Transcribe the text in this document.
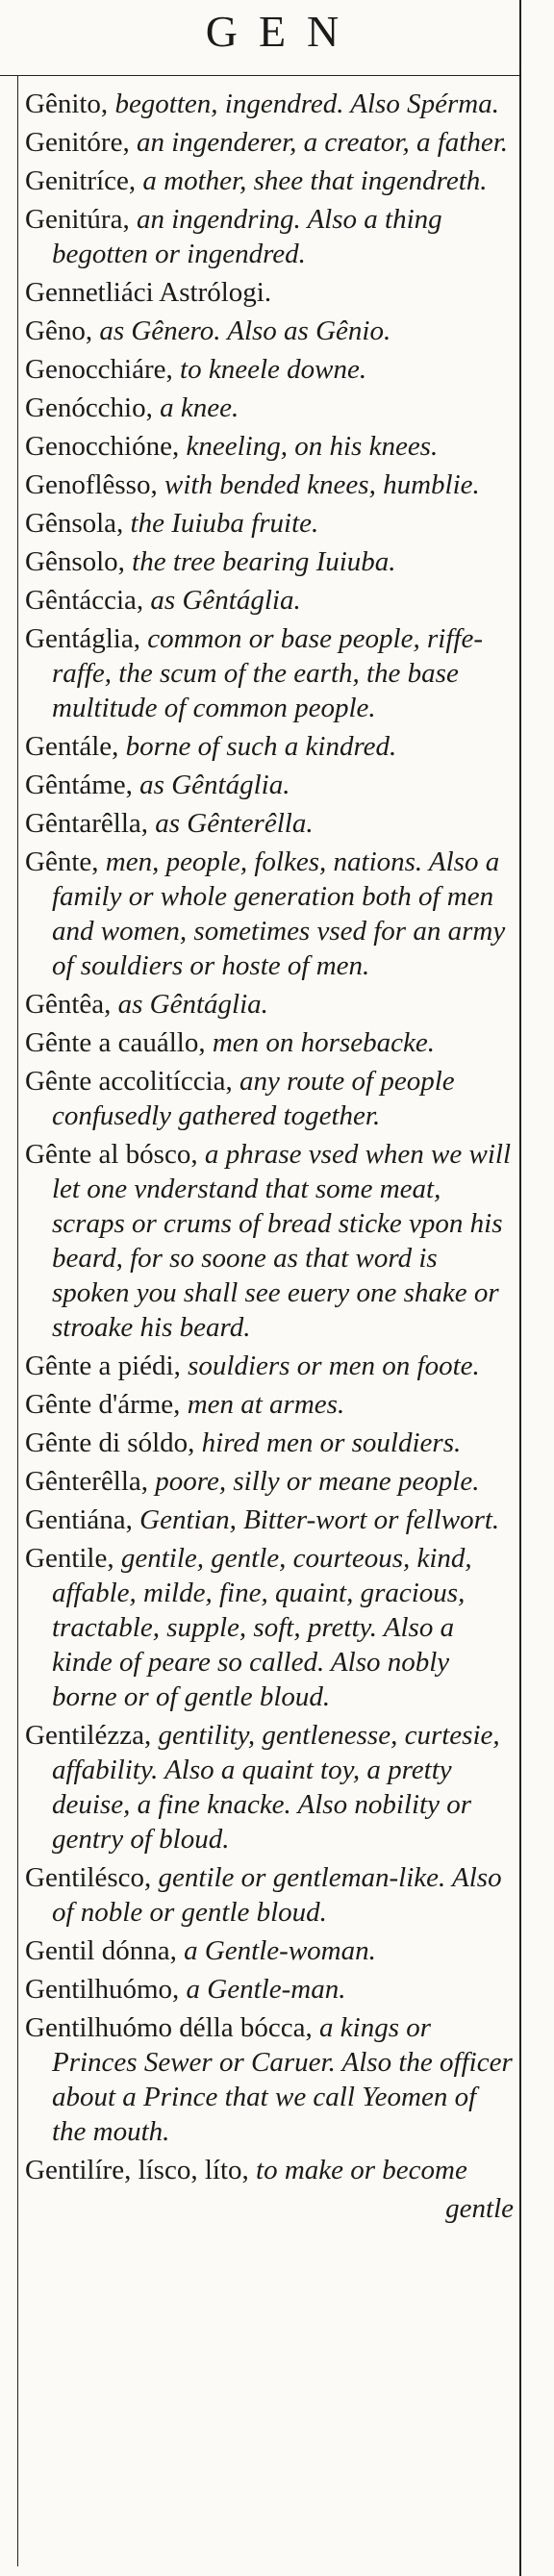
GEN

Gênito, begotten, ingendred. Also Spérma.

Genitóre, an ingenderer, a creator, a father.

Genitríce, a mother, shee that ingendreth.

Genitúra, an ingendring. Also a thing begotten or ingendred.

Gennetliáci Astrólogi.

Gêno, as Gênero. Also as Gênio.

Genocchiáre, to kneele downe.

Genócchio, a knee.

Genocchióne, kneeling, on his knees.

Genoflêsso, with bended knees, humblie.

Gênsola, the Iuiuba fruite.

Gênsolo, the tree bearing Iuiuba.

Gêntáccia, as Gêntáglia.

Gentáglia, common or base people, riffe-raffe, the scum of the earth, the base multitude of common people.

Gentále, borne of such a kindred.

Gêntáme, as Gêntáglia.

Gêntarêlla, as Gênterêlla.

Gênte, men, people, folkes, nations. Also a family or whole generation both of men and women, sometimes vsed for an army of souldiers or hoste of men.

Gêntêa, as Gêntáglia.

Gênte a cauállo, men on horsebacke.

Gênte accolitíccia, any route of people confusedly gathered together.

Gênte al bósco, a phrase vsed when we will let one vnderstand that some meat, scraps or crums of bread sticke vpon his beard, for so soone as that word is spoken you shall see euery one shake or stroake his beard.

Gênte a piédi, souldiers or men on foote.

Gênte d'árme, men at armes.

Gênte di sóldo, hired men or souldiers.

Gênterêlla, poore, silly or meane people.

Gentiána, Gentian, Bitter-wort or fellwort.

Gentile, gentile, gentle, courteous, kind, affable, milde, fine, quaint, gracious, tractable, supple, soft, pretty. Also a kinde of peare so called. Also nobly borne or of gentle bloud.

Gentilézza, gentility, gentlenesse, curtesie, affability. Also a quaint toy, a pretty deuise, a fine knacke. Also nobility or gentry of bloud.

Gentilésco, gentile or gentleman-like. Also of noble or gentle bloud.

Gentil dónna, a Gentle-woman.

Gentilhuómo, a Gentle-man.

Gentilhuómo délla bócca, a kings or Princes Sewer or Caruer. Also the officer about a Prince that we call Yeomen of the mouth.

Gentilíre, lísco, líto, to make or become

gentle
